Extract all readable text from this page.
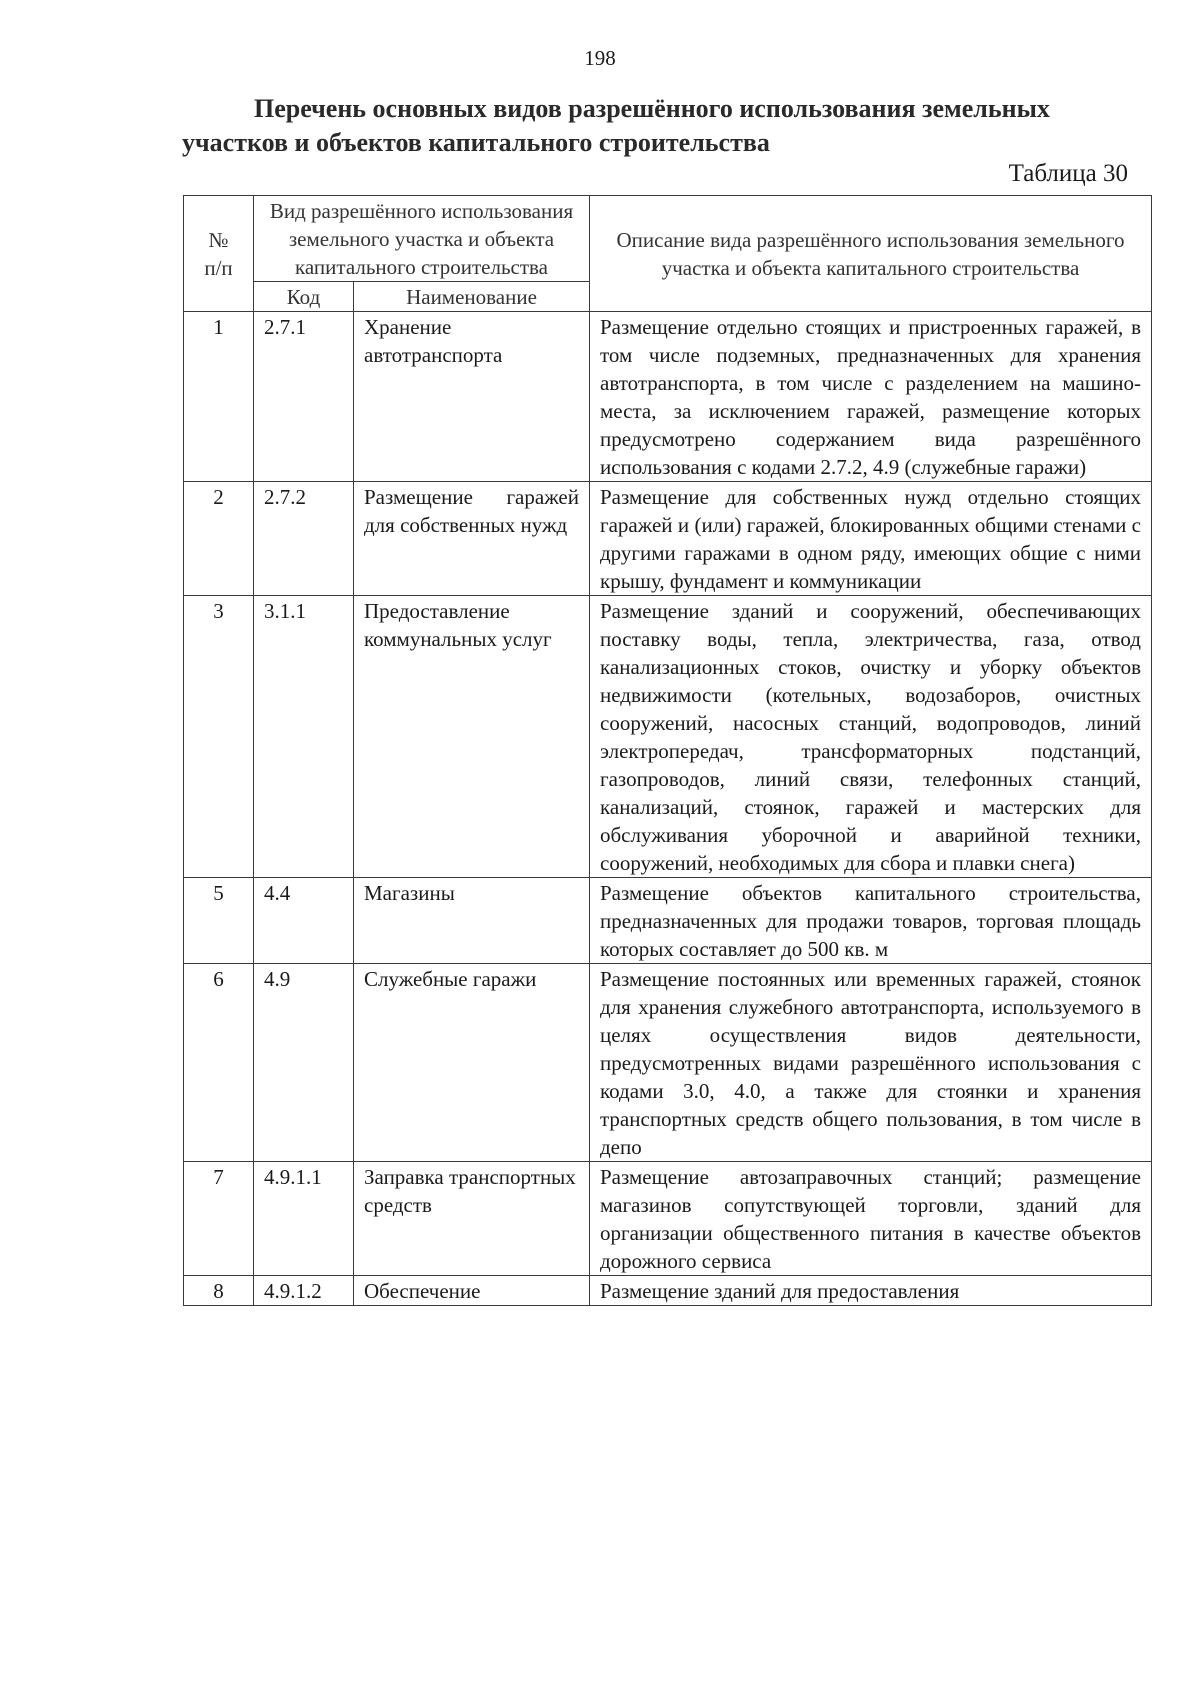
198
Перечень основных видов разрешённого использования земельных
участков и объектов капитального строительства
Таблица 30
№
п/п	Вид разрешённого использования земельного участка и объекта капитального строительства		Описание вида разрешённого использования земельного участка и объекта капитального строительства
	Код	Наименование	
1	2.7.1	Хранение автотранспорта	Размещение отдельно стоящих и пристроенных гаражей, в том числе подземных, предназначенных для хранения автотранспорта, в том числе с разделением на машино-места, за исключением гаражей, размещение которых предусмотрено содержанием вида разрешённого использования с кодами 2.7.2, 4.9 (служебные гаражи)
2	2.7.2	Размещение гаражей для собственных нужд	Размещение для собственных нужд отдельно стоящих гаражей и (или) гаражей, блокированных общими стенами с другими гаражами в одном ряду, имеющих общие с ними крышу, фундамент и коммуникации
3	3.1.1	Предоставление коммунальных услуг	Размещение зданий и сооружений, обеспечивающих поставку воды, тепла, электричества, газа, отвод канализационных стоков, очистку и уборку объектов недвижимости (котельных, водозаборов, очистных сооружений, насосных станций, водопроводов, линий электропередач, трансформаторных подстанций, газопроводов, линий связи, телефонных станций, канализаций, стоянок, гаражей и мастерских для обслуживания уборочной и аварийной техники, сооружений, необходимых для сбора и плавки снега)
5	4.4	Магазины	Размещение объектов капитального строительства, предназначенных для продажи товаров, торговая площадь которых составляет до 500 кв. м
6	4.9	Служебные гаражи	Размещение постоянных или временных гаражей, стоянок для хранения служебного автотранспорта, используемого в целях осуществления видов деятельности, предусмотренных видами разрешённого использования с кодами 3.0, 4.0, а также для стоянки и хранения транспортных средств общего пользования, в том числе в депо
7	4.9.1.1	Заправка транспортных средств	Размещение автозаправочных станций; размещение магазинов сопутствующей торговли, зданий для организации общественного питания в качестве объектов дорожного сервиса
8	4.9.1.2	Обеспечение	Размещение зданий для предоставления
